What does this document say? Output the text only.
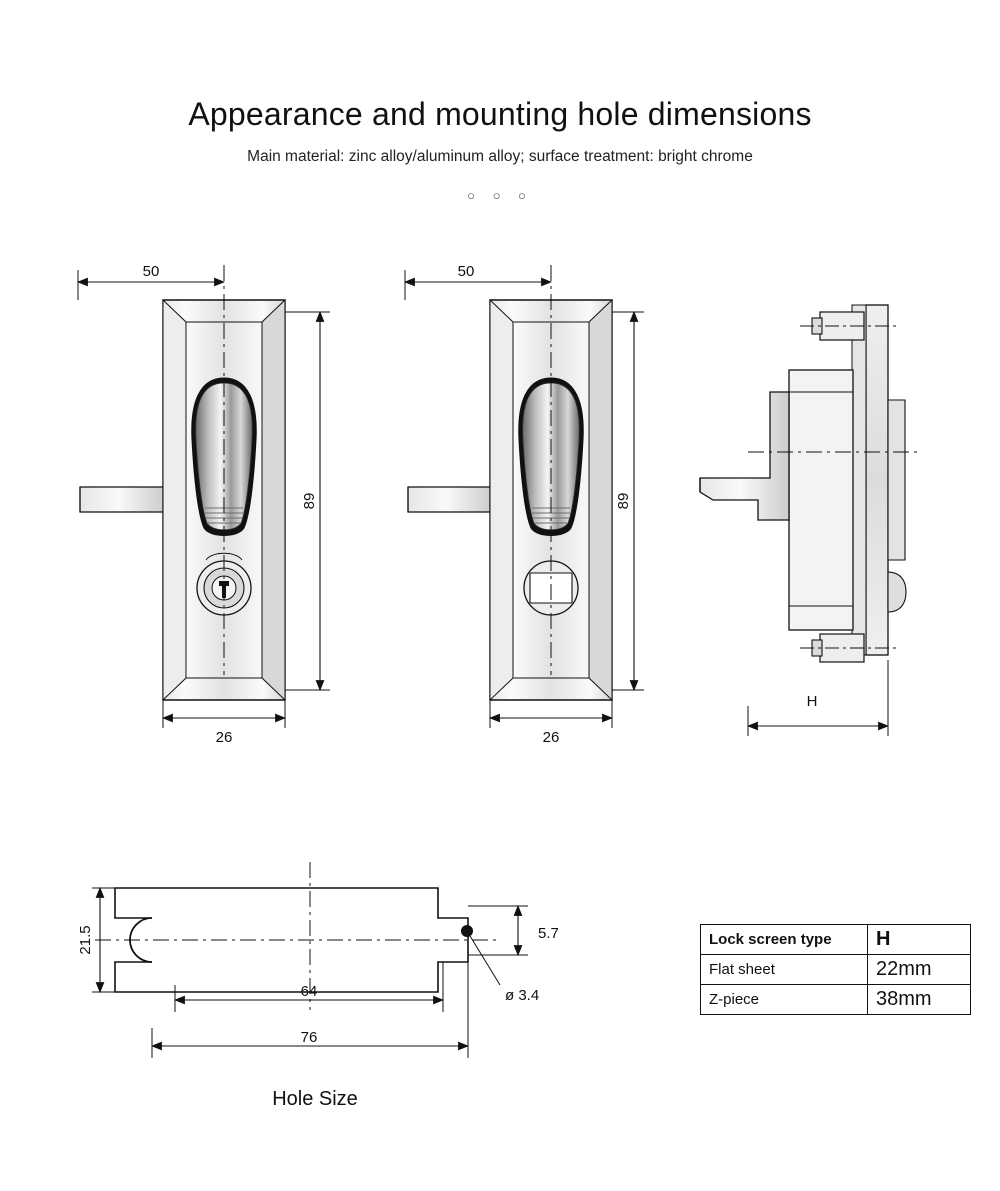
Appearance and mounting hole dimensions
Main material: zinc alloy/aluminum alloy; surface treatment: bright chrome
○ ○ ○
50
89
26
50
89
26
H
21.5	5.7
ø 3.4
64
76
Hole Size
Lock screen type	H
Flat sheet	22mm
Z-piece	38mm
